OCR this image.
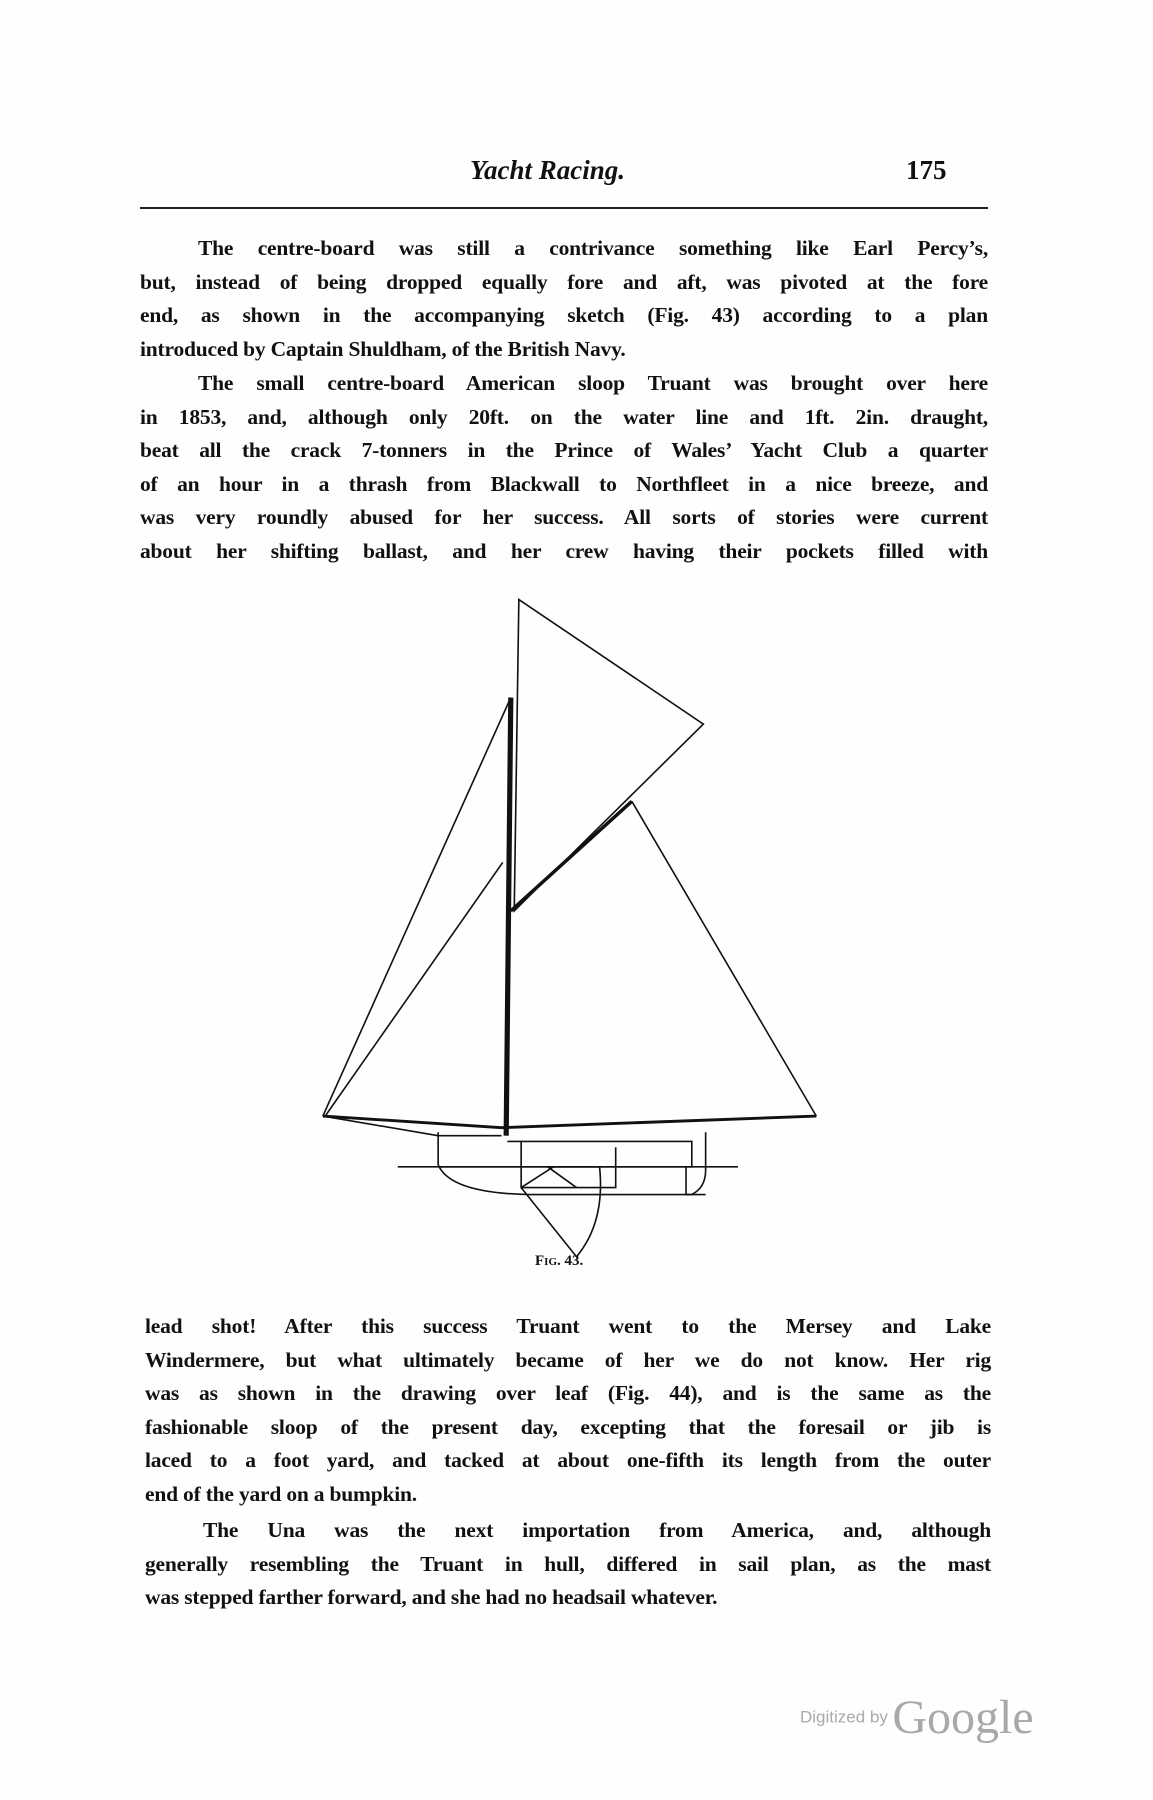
Yacht Racing.	175
The centre-board was still a contrivance something like Earl Percy’s,
but, instead of being dropped equally fore and aft, was pivoted at the fore
end, as shown in the accompanying sketch (Fig. 43) according to a plan
introduced by Captain Shuldham, of the British Navy.
The small centre-board American sloop Truant was brought over here
in 1853, and, although only 20ft. on the water line and 1ft. 2in. draught,
beat all the crack 7-tonners in the Prince of Wales’ Yacht Club a quarter
of an hour in a thrash from Blackwall to Northfleet in a nice breeze, and
was very roundly abused for her success. All sorts of stories were current
about her shifting ballast, and her crew having their pockets filled with
Fig. 43.
lead shot! After this success Truant went to the Mersey and Lake
Windermere, but what ultimately became of her we do not know. Her rig
was as shown in the drawing over leaf (Fig. 44), and is the same as the
fashionable sloop of the present day, excepting that the foresail or jib is
laced to a foot yard, and tacked at about one-fifth its length from the outer
end of the yard on a bumpkin.
The Una was the next importation from America, and, although
generally resembling the Truant in hull, differed in sail plan, as the mast
was stepped farther forward, and she had no headsail whatever.
Digitized by Google
